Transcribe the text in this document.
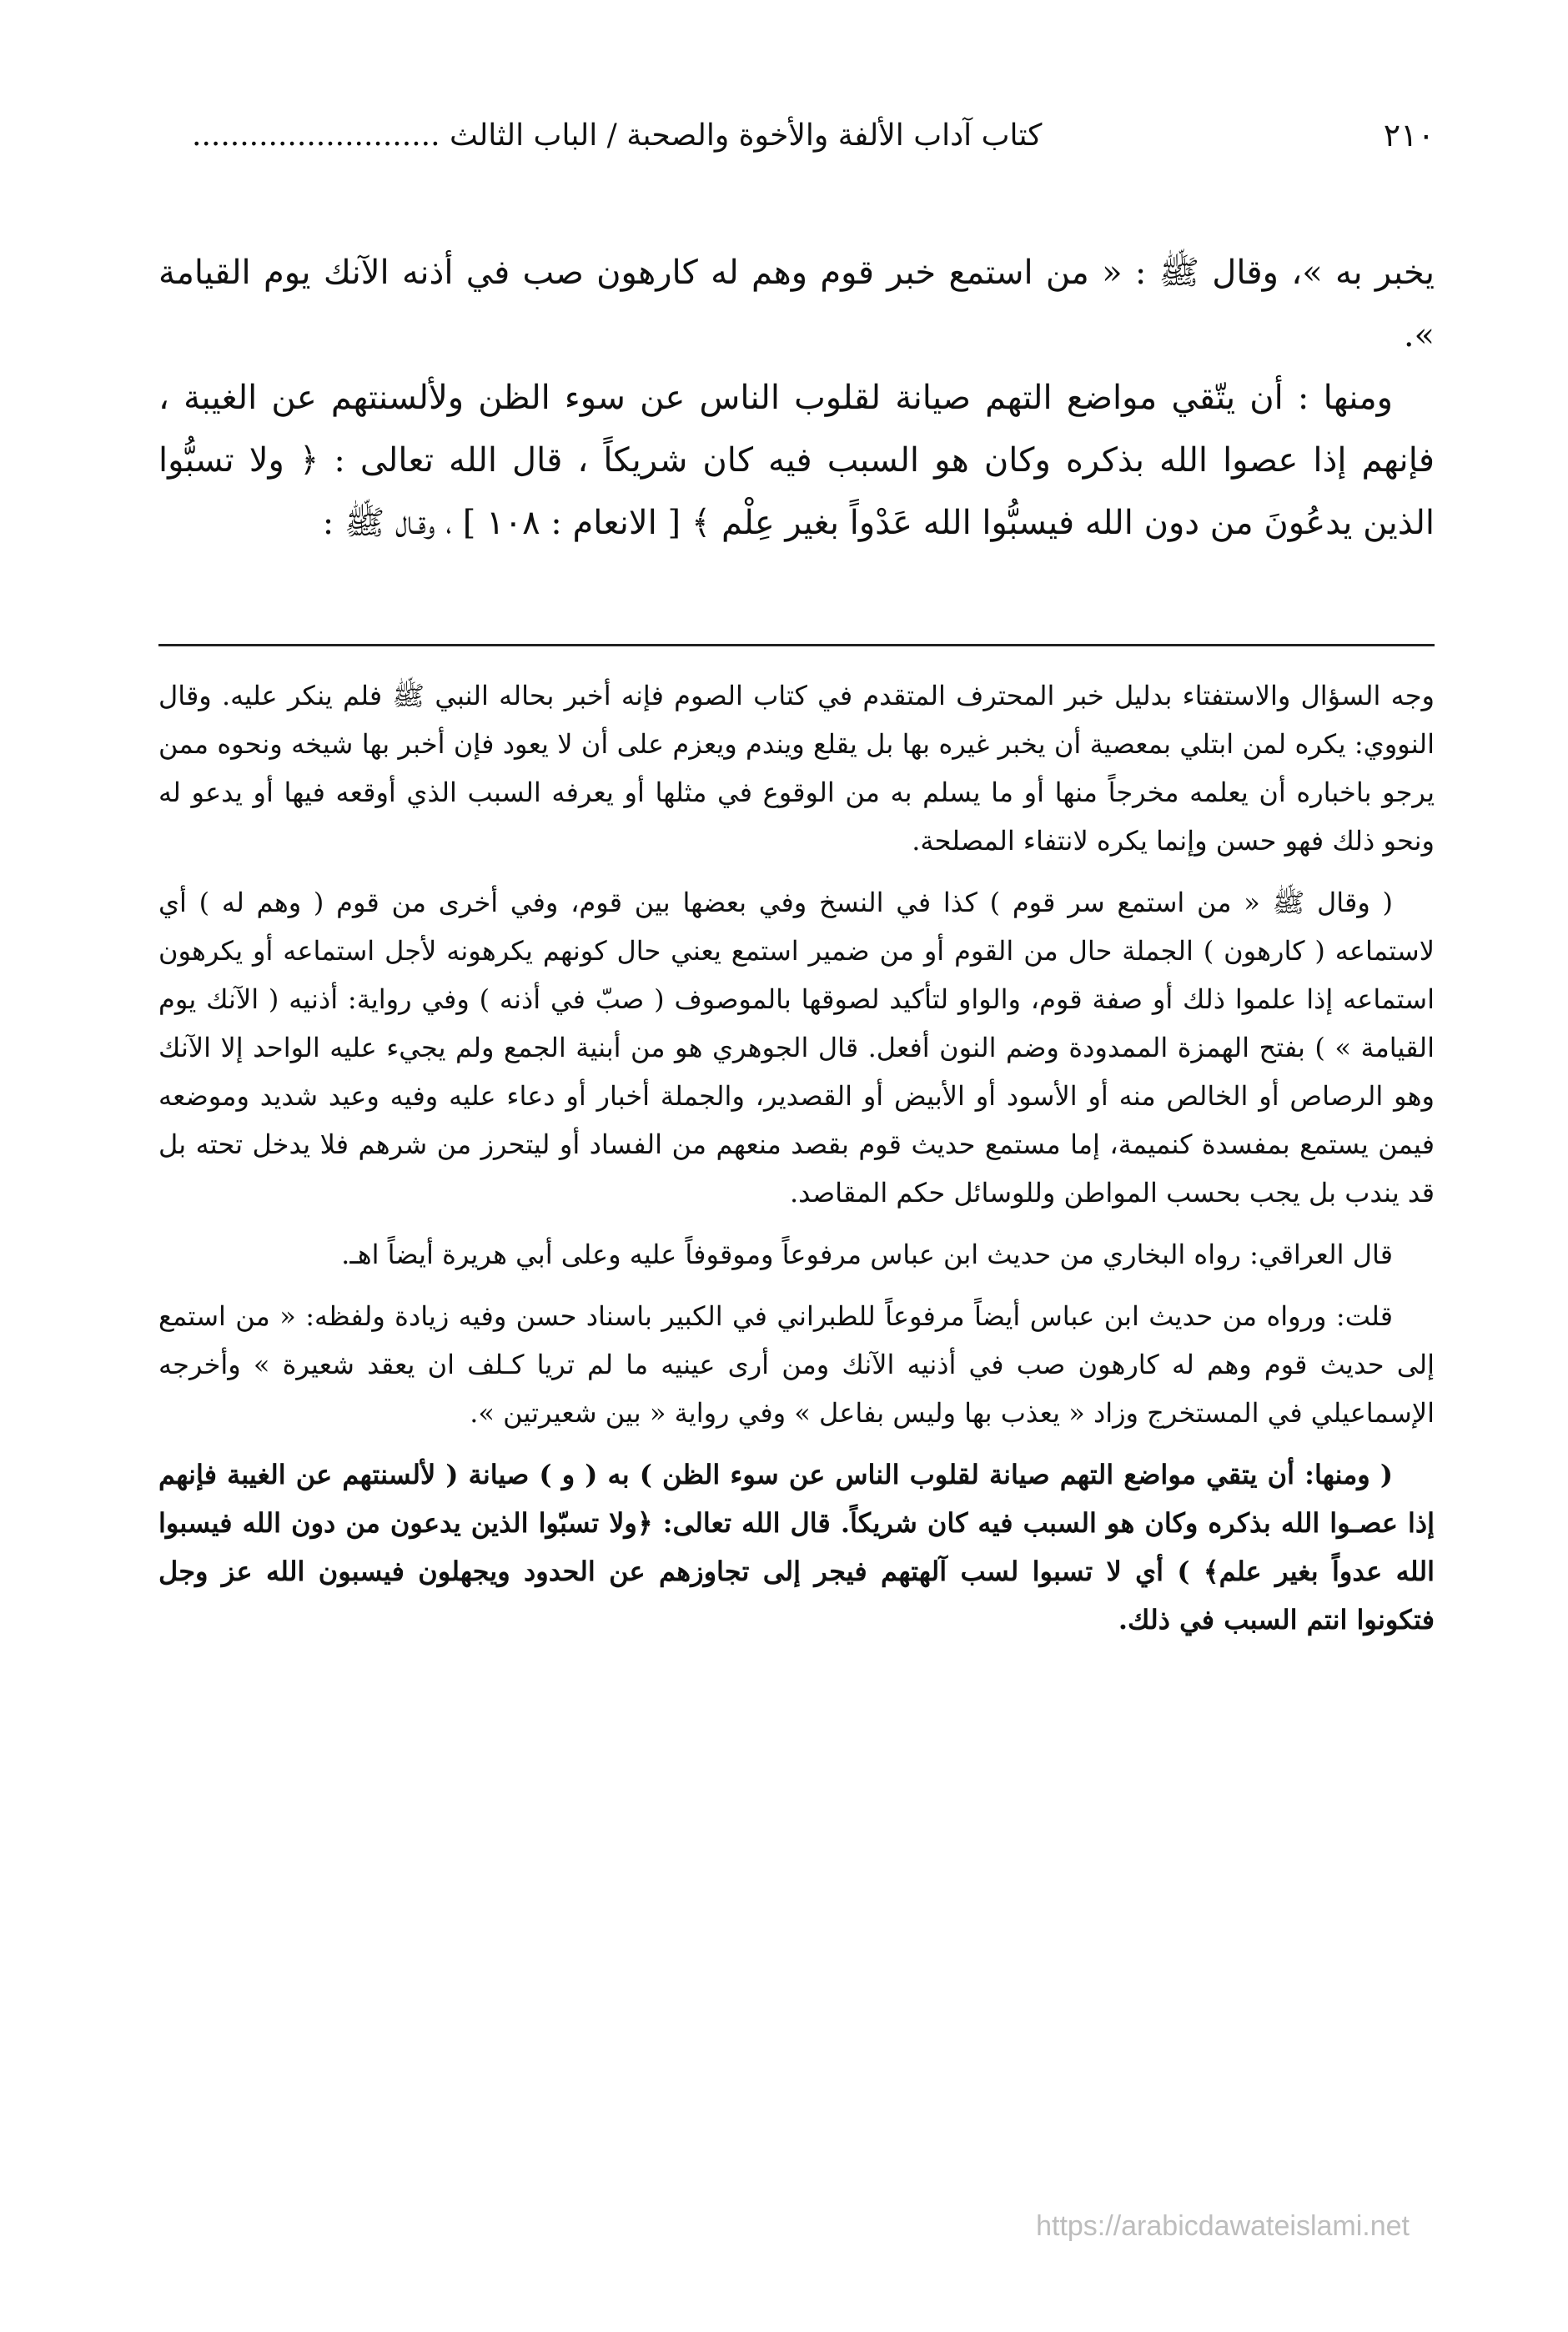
٢١٠
كتاب آداب الألفة والأخوة والصحبة / الباب الثالث ..........................

يخبر به »، وقال ﷺ : « من استمع خبر قوم وهم له كارهون صب في أذنه الآنك يوم القيامة ».

ومنها : أن يتّقي مواضع التهم صيانة لقلوب الناس عن سوء الظن ولألسنتهم عن الغيبة ، فإنهم إذا عصوا الله بذكره وكان هو السبب فيه كان شريكاً ، قال الله تعالى : ﴿ ولا تسبُّوا الذين يدعُونَ من دون الله فيسبُّوا الله عَدْواً بغير عِلْم ﴾ [ الانعام : ١٠٨ ] ، وقـال ﷺ :

وجه السؤال والاستفتاء بدليل خبر المحترف المتقدم في كتاب الصوم فإنه أخبر بحاله النبي ﷺ فلم ينكر عليه. وقال النووي: يكره لمن ابتلي بمعصية أن يخبر غيره بها بل يقلع ويندم ويعزم على أن لا يعود فإن أخبر بها شيخه ونحوه ممن يرجو باخباره أن يعلمه مخرجاً منها أو ما يسلم به من الوقوع في مثلها أو يعرفه السبب الذي أوقعه فيها أو يدعو له ونحو ذلك فهو حسن وإنما يكره لانتفاء المصلحة.

( وقال ﷺ « من استمع سر قوم ) كذا في النسخ وفي بعضها بين قوم، وفي أخرى من قوم ( وهم له ) أي لاستماعه ( كارهون ) الجملة حال من القوم أو من ضمير استمع يعني حال كونهم يكرهونه لأجل استماعه أو يكرهون استماعه إذا علموا ذلك أو صفة قوم، والواو لتأكيد لصوقها بالموصوف ( صبّ في أذنه ) وفي رواية: أذنيه ( الآنك يوم القيامة » ) بفتح الهمزة الممدودة وضم النون أفعل. قال الجوهري هو من أبنية الجمع ولم يجيء عليه الواحد إلا الآنك وهو الرصاص أو الخالص منه أو الأسود أو الأبيض أو القصدير، والجملة أخبار أو دعاء عليه وفيه وعيد شديد وموضعه فيمن يستمع بمفسدة كنميمة، إما مستمع حديث قوم بقصد منعهم من الفساد أو ليتحرز من شرهم فلا يدخل تحته بل قد يندب بل يجب بحسب المواطن وللوسائل حكم المقاصد.

قال العراقي: رواه البخاري من حديث ابن عباس مرفوعاً وموقوفاً عليه وعلى أبي هريرة أيضاً اهـ.

قلت: ورواه من حديث ابن عباس أيضاً مرفوعاً للطبراني في الكبير باسناد حسن وفيه زيادة ولفظه: « من استمع إلى حديث قوم وهم له كارهون صب في أذنيه الآنك ومن أرى عينيه ما لم تريا كـلف ان يعقد شعيرة » وأخرجه الإسماعيلي في المستخرج وزاد « يعذب بها وليس بفاعل » وفي رواية « بين شعيرتين ».

( ومنها: أن يتقي مواضع التهم صيانة لقلوب الناس عن سوء الظن ) به ( و ) صيانة ( لألسنتهم عن الغيبة فإنهم إذا عصـوا الله بذكره وكان هو السبب فيه كان شريكاً. قال الله تعالى: ﴿ولا تسبّوا الذين يدعون من دون الله فيسبوا الله عدواً بغير علم﴾ ) أي لا تسبوا لسب آلهتهم فيجر إلى تجاوزهم عن الحدود ويجهلون فيسبون الله عز وجل فتكونوا انتم السبب في ذلك.

https://arabicdawateislami.net
